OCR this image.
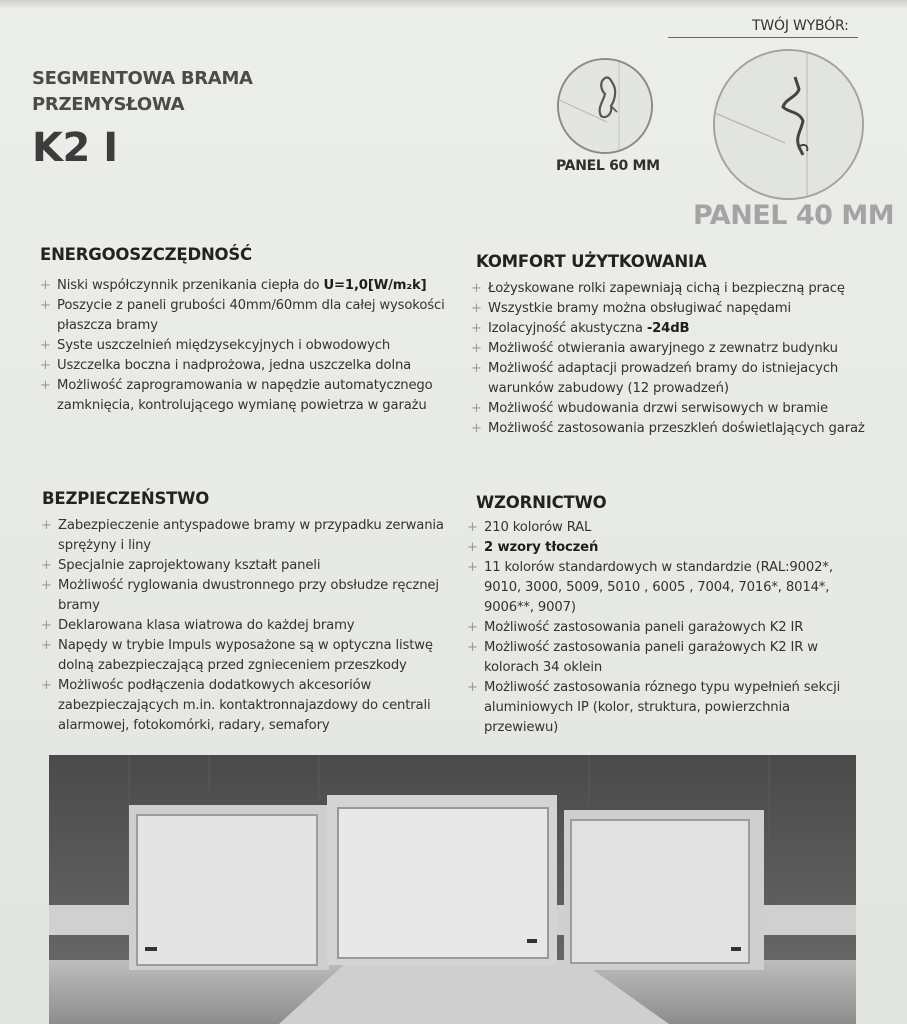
TWÓJ WYBÓR:
SEGMENTOWA BRAMA
PRZEMYSŁOWA
K2 I	PANEL 60 MM
PANEL 40 MM
ENERGOOSZCZĘDNOŚĆ
+ Niski współczynnik przenikania ciepła do U=1,0[W/m₂k]
+ Poszycie z paneli grubości 40mm/60mm dla całej wysokości płaszcza bramy
+ Syste uszczelnień międzysekcyjnych i obwodowych
+ Uszczelka boczna i nadprożowa, jedna uszczelka dolna
+ Możliwość zaprogramowania w napędzie automatycznego zamknięcia, kontrolującego wymianę powietrza w garażu
KOMFORT UŻYTKOWANIA
+ Łożyskowane rolki zapewniają cichą i bezpieczną pracę
+ Wszystkie bramy można obsługiwać napędami
+ Izolacyjność akustyczna -24dB
+ Możliwość otwierania awaryjnego z zewnatrz budynku
+ Możliwość adaptacji prowadzeń bramy do istniejacych warunków zabudowy (12 prowadzeń)
+ Możliwość wbudowania drzwi serwisowych w bramie
+ Możliwość zastosowania przeszkleń doświetlających garaż
BEZPIECZEŃSTWO
+ Zabezpieczenie antyspadowe bramy w przypadku zerwania sprężyny i liny
+ Specjalnie zaprojektowany kształt paneli
+ Możliwość ryglowania dwustronnego przy obsłudze ręcznej bramy
+ Deklarowana klasa wiatrowa do każdej bramy
+ Napędy w trybie Impuls wyposażone są w optyczna listwę dolną zabezpieczającą przed zgnieceniem przeszkody
+ Możliwośc podłączenia dodatkowych akcesoriów zabezpieczających m.in. kontaktronnajazdowy do centrali alarmowej, fotokomórki, radary, semafory
WZORNICTWO
+ 210 kolorów RAL
+ 2 wzory tłoczeń
+ 11 kolorów standardowych w standardzie (RAL:9002*, 9010, 3000, 5009, 5010 , 6005 , 7004, 7016*, 8014*, 9006**, 9007)
+ Możliwość zastosowania paneli garażowych K2 IR
+ Możliwość zastosowania paneli garażowych K2 IR w kolorach 34 oklein
+ Możliwość zastosowania róznego typu wypełnień sekcji aluminiowych IP (kolor, struktura, powierzchnia przewiewu)
